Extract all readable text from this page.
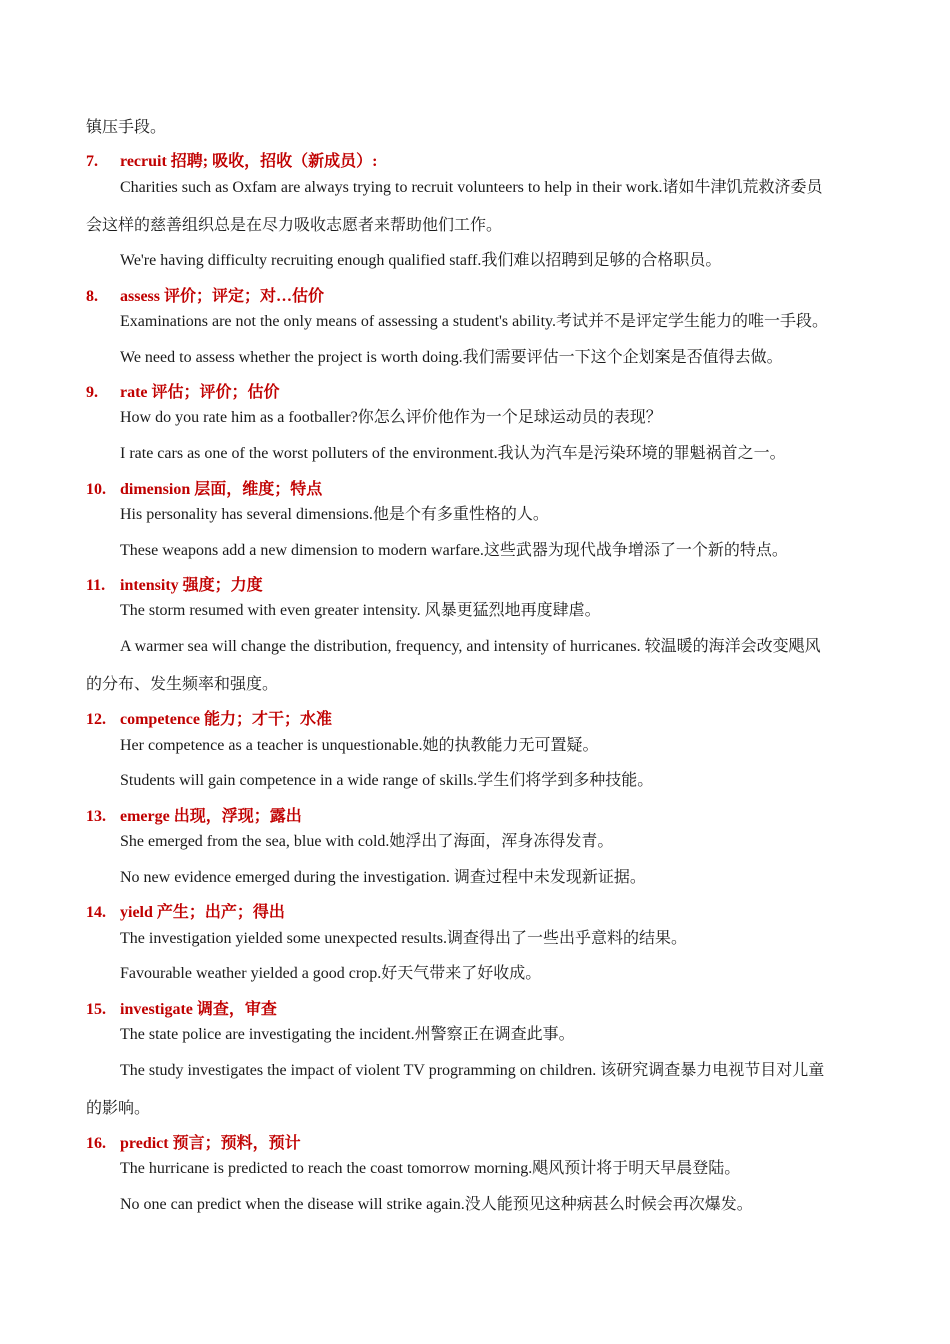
镇压手段。
7. recruit 招聘; 吸收，招收（新成员）:
Charities such as Oxfam are always trying to recruit volunteers to help in their work.诸如牛津饥荒救济委员
会这样的慈善组织总是在尽力吸收志愿者来帮助他们工作。
We're having difficulty recruiting enough qualified staff.我们难以招聘到足够的合格职员。
8. assess 评价；评定；对…估价
Examinations are not the only means of assessing a student's ability.考试并不是评定学生能力的唯一手段。
We need to assess whether the project is worth doing.我们需要评估一下这个企划案是否值得去做。
9. rate 评估；评价；估价
How do you rate him as a footballer?你怎么评价他作为一个足球运动员的表现？
I rate cars as one of the worst polluters of the environment.我认为汽车是污染环境的罪魁祸首之一。
10. dimension 层面，维度；特点
His personality has several dimensions.他是个有多重性格的人。
These weapons add a new dimension to modern warfare.这些武器为现代战争增添了一个新的特点。
11. intensity 强度；力度
The storm resumed with even greater intensity. 风暴更猛烈地再度肆虐。
A warmer sea will change the distribution, frequency, and intensity of hurricanes. 较温暖的海洋会改变飓风
的分布、发生频率和强度。
12. competence 能力；才干；水准
Her competence as a teacher is unquestionable.她的执教能力无可置疑。
Students will gain competence in a wide range of skills.学生们将学到多种技能。
13. emerge 出现，浮现；露出
She emerged from the sea, blue with cold.她浮出了海面，浑身冻得发青。
No new evidence emerged during the investigation. 调查过程中未发现新证据。
14. yield 产生；出产；得出
The investigation yielded some unexpected results.调查得出了一些出乎意料的结果。
Favourable weather yielded a good crop.好天气带来了好收成。
15. investigate 调查，审查
The state police are investigating the incident.州警察正在调查此事。
The study investigates the impact of violent TV programming on children. 该研究调查暴力电视节目对儿童
的影响。
16. predict 预言；预料，预计
The hurricane is predicted to reach the coast tomorrow morning.飓风预计将于明天早晨登陆。
No one can predict when the disease will strike again.没人能预见这种病甚么时候会再次爆发。
